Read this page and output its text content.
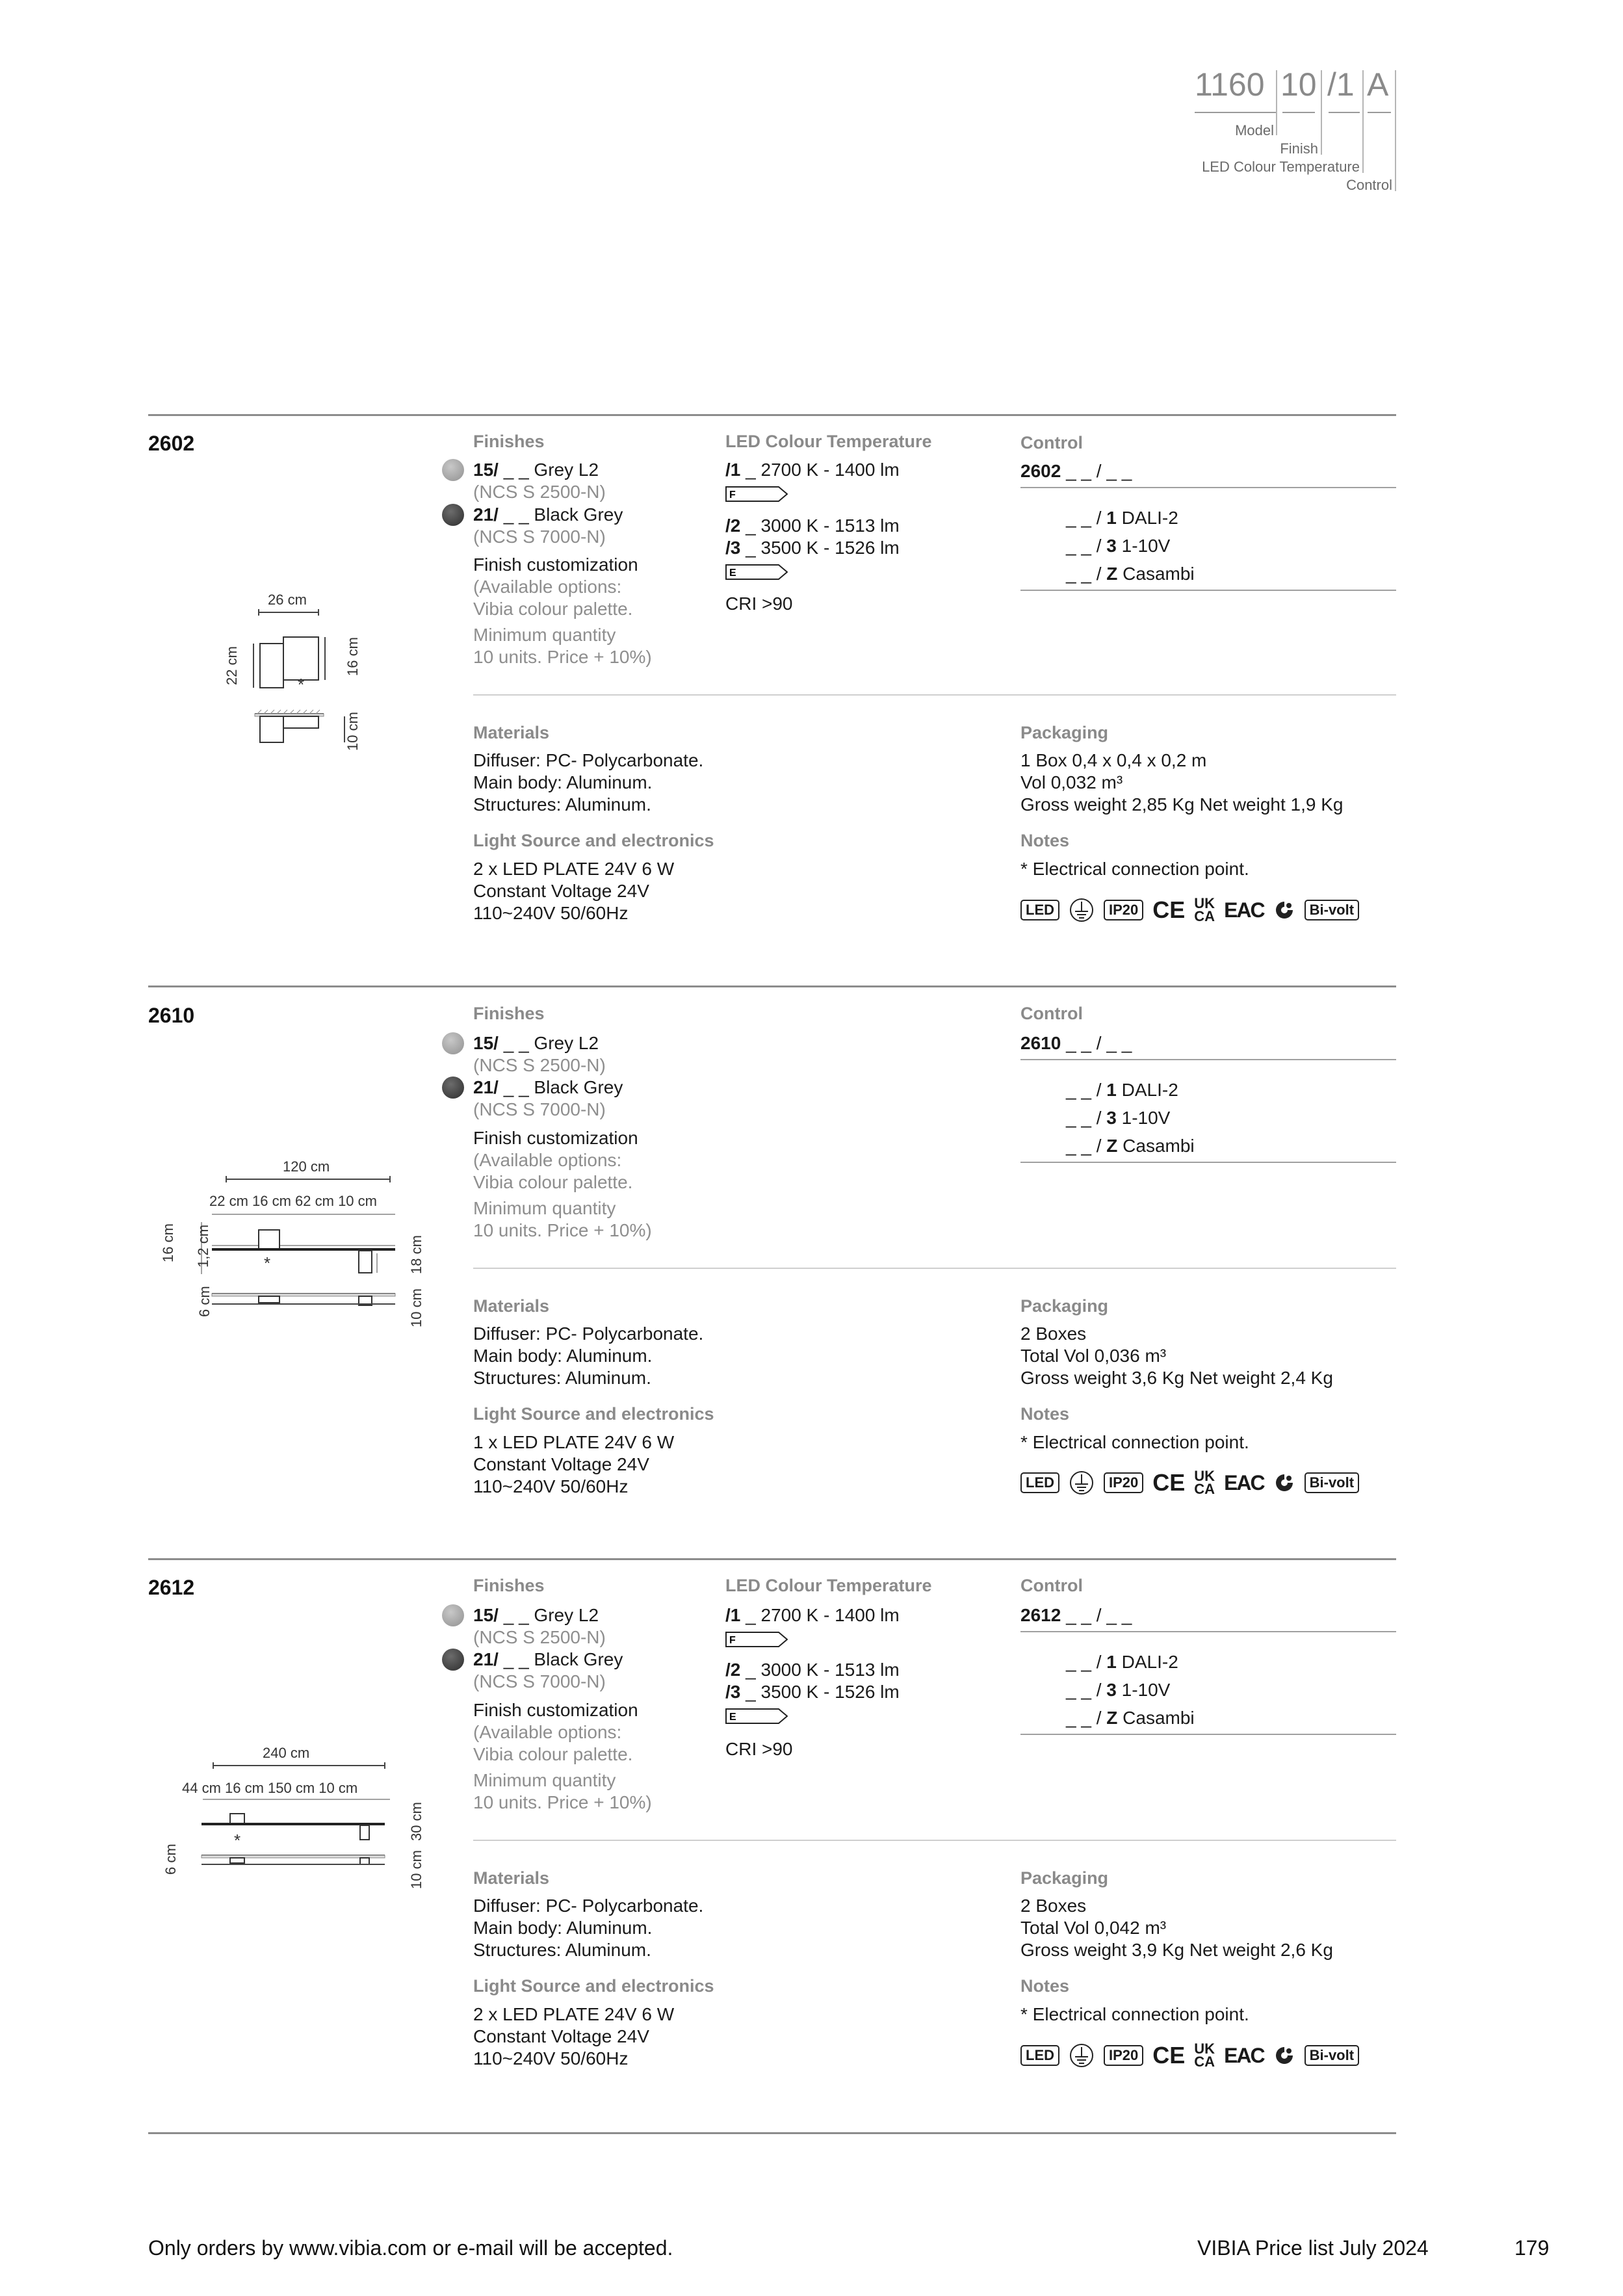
1160 10 /1 A
Model
Finish
LED Colour Temperature
Control
2602
26 cm
22 cm	16 cm
10 cm
*
Finishes
15/ _ _ Grey L2
(NCS S 2500-N)
21/ _ _ Black Grey
(NCS S 7000-N)
Finish customization
(Available options:
Vibia colour palette.
Minimum quantity
10 units. Price + 10%)
LED Colour Temperature
/1 _ 2700 K - 1400 lm
F
/2 _ 3000 K - 1513 lm
/3 _ 3500 K - 1526 lm
E
CRI >90
Control
2602 _ _ / _ _
_ _ / 1 DALI-2
_ _ / 3 1-10V
_ _ / Z Casambi
Materials
Diffuser: PC- Polycarbonate.
Main body: Aluminum.
Structures: Aluminum.
Light Source and electronics
2 x LED PLATE 24V 6 W
Constant Voltage 24V
110~240V 50/60Hz
Packaging
1 Box 0,4 x 0,4 x 0,2 m
Vol 0,032 m³
Gross weight 2,85 Kg Net weight 1,9 Kg
Notes
* Electrical connection point.
LED	IP20 CE UK
CA EAC	Bi-volt
2610
120 cm
22 cm 16 cm 62 cm 10 cm
16 cm 1,2 cm	18 cm
6 cm	10 cm
*
Finishes
15/ _ _ Grey L2
(NCS S 2500-N)
21/ _ _ Black Grey
(NCS S 7000-N)
Finish customization
(Available options:
Vibia colour palette.
Minimum quantity
10 units. Price + 10%)
Control
2610 _ _ / _ _
_ _ / 1 DALI-2
_ _ / 3 1-10V
_ _ / Z Casambi
Materials
Diffuser: PC- Polycarbonate.
Main body: Aluminum.
Structures: Aluminum.
Light Source and electronics
1 x LED PLATE 24V 6 W
Constant Voltage 24V
110~240V 50/60Hz
Packaging
2 Boxes
Total Vol 0,036 m³
Gross weight 3,6 Kg Net weight 2,4 Kg
Notes
* Electrical connection point.
LED	IP20 CE UK
CA EAC	Bi-volt
2612
240 cm
44 cm 16 cm 150 cm 10 cm
30 cm
6 cm	10 cm
*
Finishes
15/ _ _ Grey L2
(NCS S 2500-N)
21/ _ _ Black Grey
(NCS S 7000-N)
Finish customization
(Available options:
Vibia colour palette.
Minimum quantity
10 units. Price + 10%)
LED Colour Temperature
/1 _ 2700 K - 1400 lm
F
/2 _ 3000 K - 1513 lm
/3 _ 3500 K - 1526 lm
E
CRI >90
Control
2612 _ _ / _ _
_ _ / 1 DALI-2
_ _ / 3 1-10V
_ _ / Z Casambi
Materials
Diffuser: PC- Polycarbonate.
Main body: Aluminum.
Structures: Aluminum.
Light Source and electronics
2 x LED PLATE 24V 6 W
Constant Voltage 24V
110~240V 50/60Hz
Packaging
2 Boxes
Total Vol 0,042 m³
Gross weight 3,9 Kg Net weight 2,6 Kg
Notes
* Electrical connection point.
LED	IP20 CE UK
CA EAC	Bi-volt
Only orders by www.vibia.com or e-mail will be accepted.	VIBIA Price list July 2024	179
